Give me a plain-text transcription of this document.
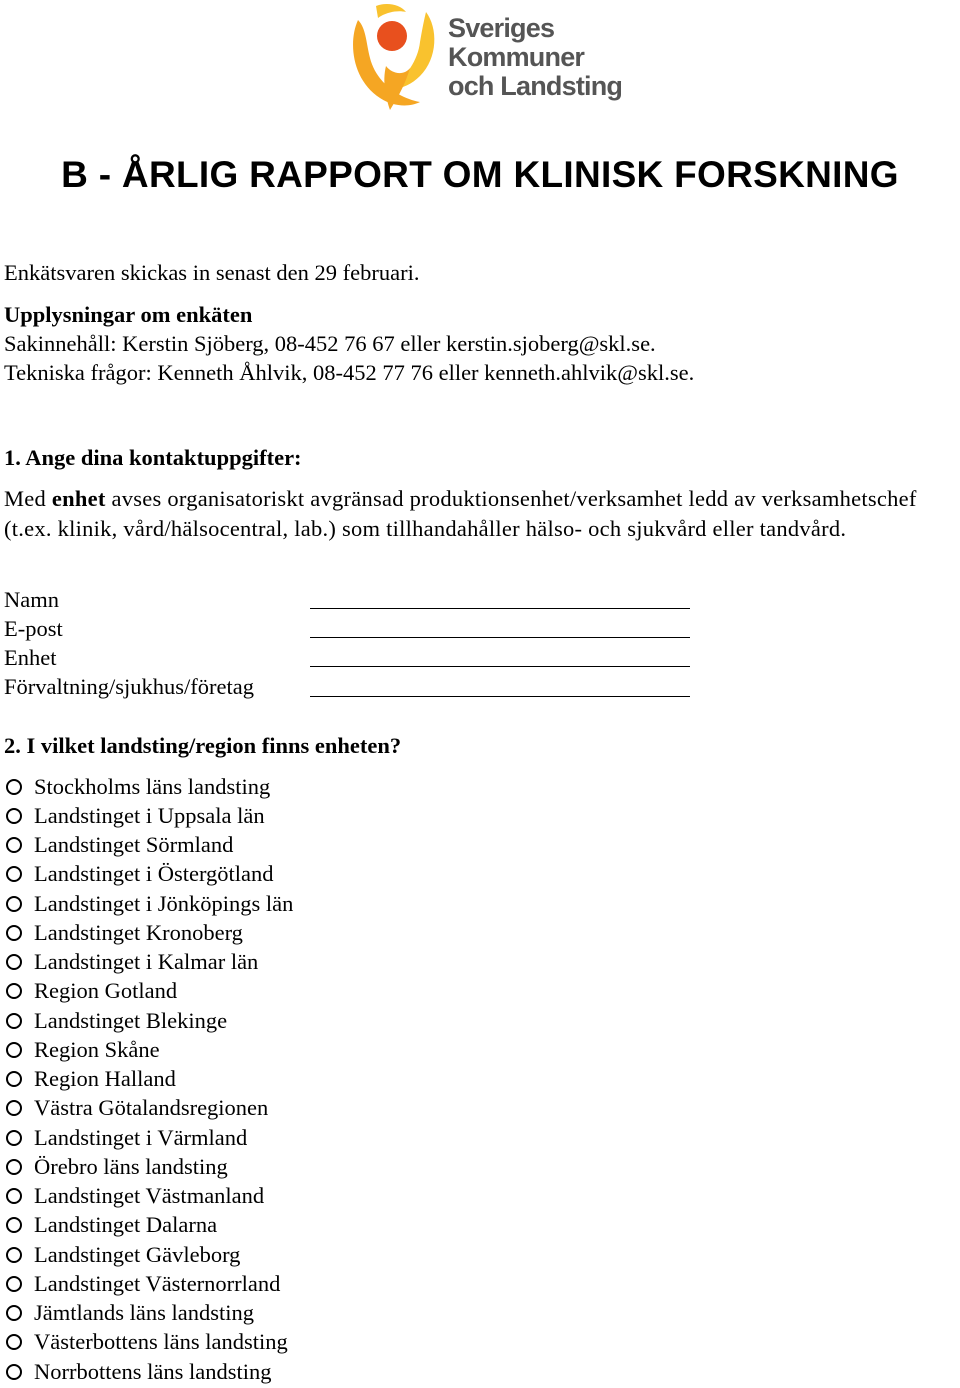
Sveriges
Kommuner
och Landsting
B - ÅRLIG RAPPORT OM KLINISK FORSKNING
Enkätsvaren skickas in senast den 29 februari.
Upplysningar om enkäten
Sakinnehåll: Kerstin Sjöberg, 08-452 76 67 eller kerstin.sjoberg@skl.se.
Tekniska frågor: Kenneth Åhlvik, 08-452 77 76 eller kenneth.ahlvik@skl.se.
1. Ange dina kontaktuppgifter:
Med enhet avses organisatoriskt avgränsad produktionsenhet/verksamhet ledd av verksamhetschef (t.ex. klinik, vård/hälsocentral, lab.) som tillhandahåller hälso- och sjukvård eller tandvård.
Namn
E-post
Enhet
Förvaltning/sjukhus/företag
2. I vilket landsting/region finns enheten?
Stockholms läns landsting
Landstinget i Uppsala län
Landstinget Sörmland
Landstinget i Östergötland
Landstinget i Jönköpings län
Landstinget Kronoberg
Landstinget i Kalmar län
Region Gotland
Landstinget Blekinge
Region Skåne
Region Halland
Västra Götalandsregionen
Landstinget i Värmland
Örebro läns landsting
Landstinget Västmanland
Landstinget Dalarna
Landstinget Gävleborg
Landstinget Västernorrland
Jämtlands läns landsting
Västerbottens läns landsting
Norrbottens läns landsting
